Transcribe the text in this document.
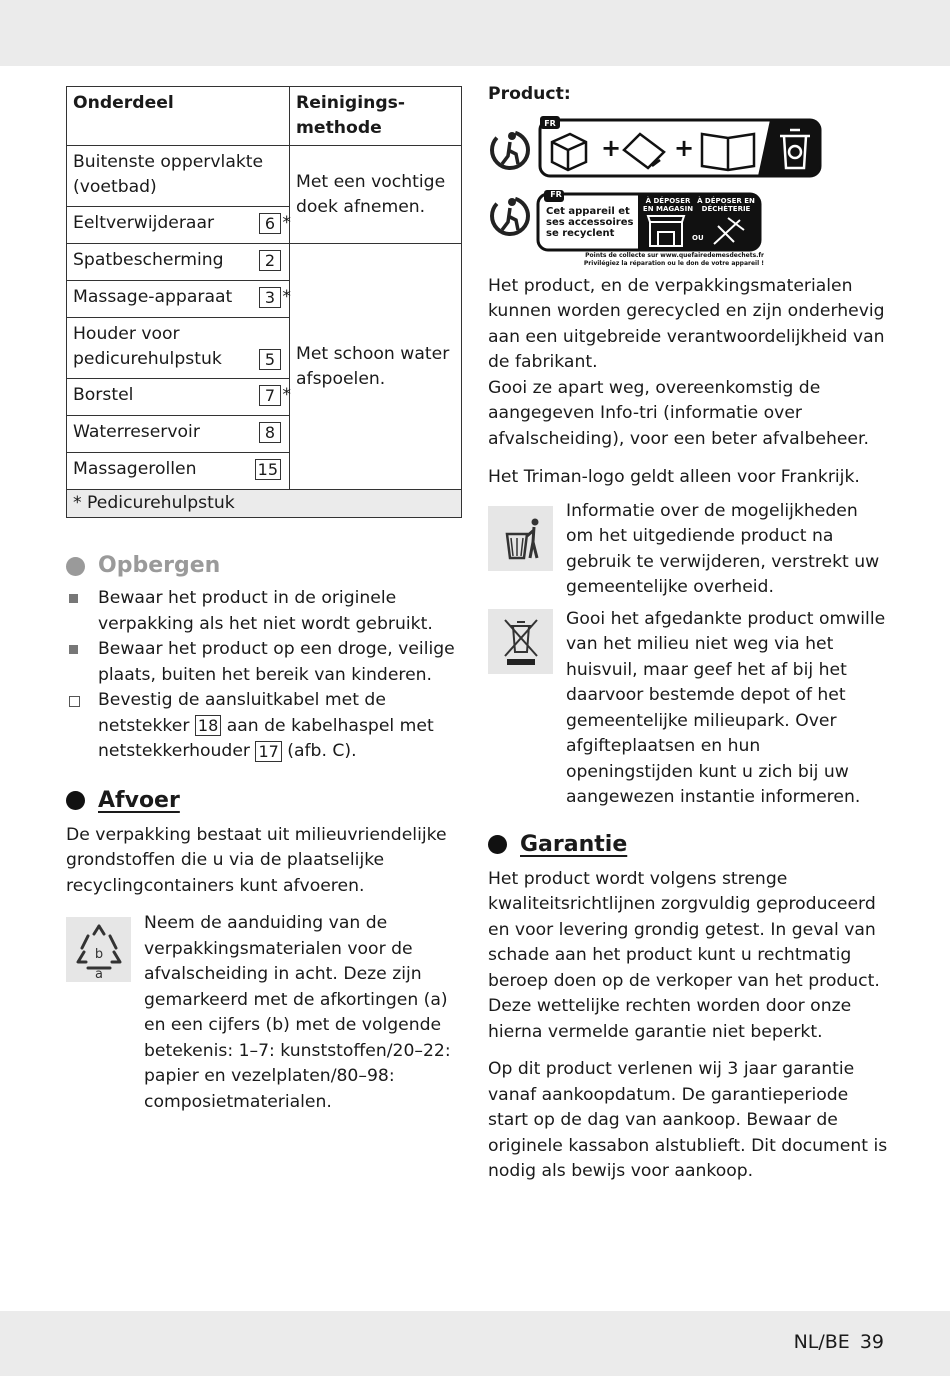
Onderdeel	Reinigings-
methode
Buitenste oppervlakte (voetbad)	Met een vochtige doek afnemen.

Eeltverwijderaar 6 *	

Spatbescherming 2	Met schoon water afspoelen.

Massage-apparaat 3 *	

Houder voor pedicurehulpstuk 5	

Borstel 7 *	

Waterreservoir 8	

Massagerollen 15	

* Pedicurehulpstuk	
Opbergen
Bewaar het product in de originele verpakking als het niet wordt gebruikt.
Bewaar het product op een droge, veilige plaats, buiten het bereik van kinderen.
Bevestig de aansluitkabel met de netstekker 18 aan de kabelhaspel met netstekkerhouder 17 (afb. C).
Afvoer

De verpakking bestaat uit milieuvriendelijke grondstoffen die u via de plaatselijke recyclingcontainers kunt afvoeren.

b
a

Neem de aanduiding van de verpakkingsmaterialen voor de afvalscheiding in acht. Deze zijn gemarkeerd met de afkortingen (a) en een cijfers (b) met de volgende betekenis: 1–7: kunststoffen/20–22: papier en vezelplaten/80–98: composietmaterialen.

Product:
FR
+ +
FR
Cet appareil et ses accessoires se recyclent
À DÉPOSER EN MAGASIN
À DÉPOSER EN DÉCHÈTERIE
OU
Points de collecte sur www.quefairedemesdechets.fr
Privilégiez la réparation ou le don de votre appareil !

Het product, en de verpakkingsmaterialen kunnen worden gerecycled en zijn onderhevig aan een uitgebreide verantwoordelijkheid van de fabrikant.

Gooi ze apart weg, overeenkomstig de aangegeven Info-tri (informatie over afvalscheiding), voor een beter afvalbeheer.

Het Triman-logo geldt alleen voor Frankrijk.

Informatie over de mogelijkheden om het uitgediende product na gebruik te verwijderen, verstrekt uw gemeentelijke overheid.

Gooi het afgedankte product omwille van het milieu niet weg via het huisvuil, maar geef het af bij het daarvoor bestemde depot of het gemeentelijke milieupark. Over afgifteplaatsen en hun openingstijden kunt u zich bij uw aangewezen instantie informeren.

Garantie

Het product wordt volgens strenge kwaliteitsrichtlijnen zorgvuldig geproduceerd en voor levering grondig getest. In geval van schade aan het product kunt u rechtmatig beroep doen op de verkoper van het product. Deze wettelijke rechten worden door onze hierna vermelde garantie niet beperkt.

Op dit product verlenen wij 3 jaar garantie vanaf aankoopdatum. De garantieperiode start op de dag van aankoop. Bewaar de originele kassabon alstublieft. Dit document is nodig als bewijs voor aankoop.

NL/BE 39
